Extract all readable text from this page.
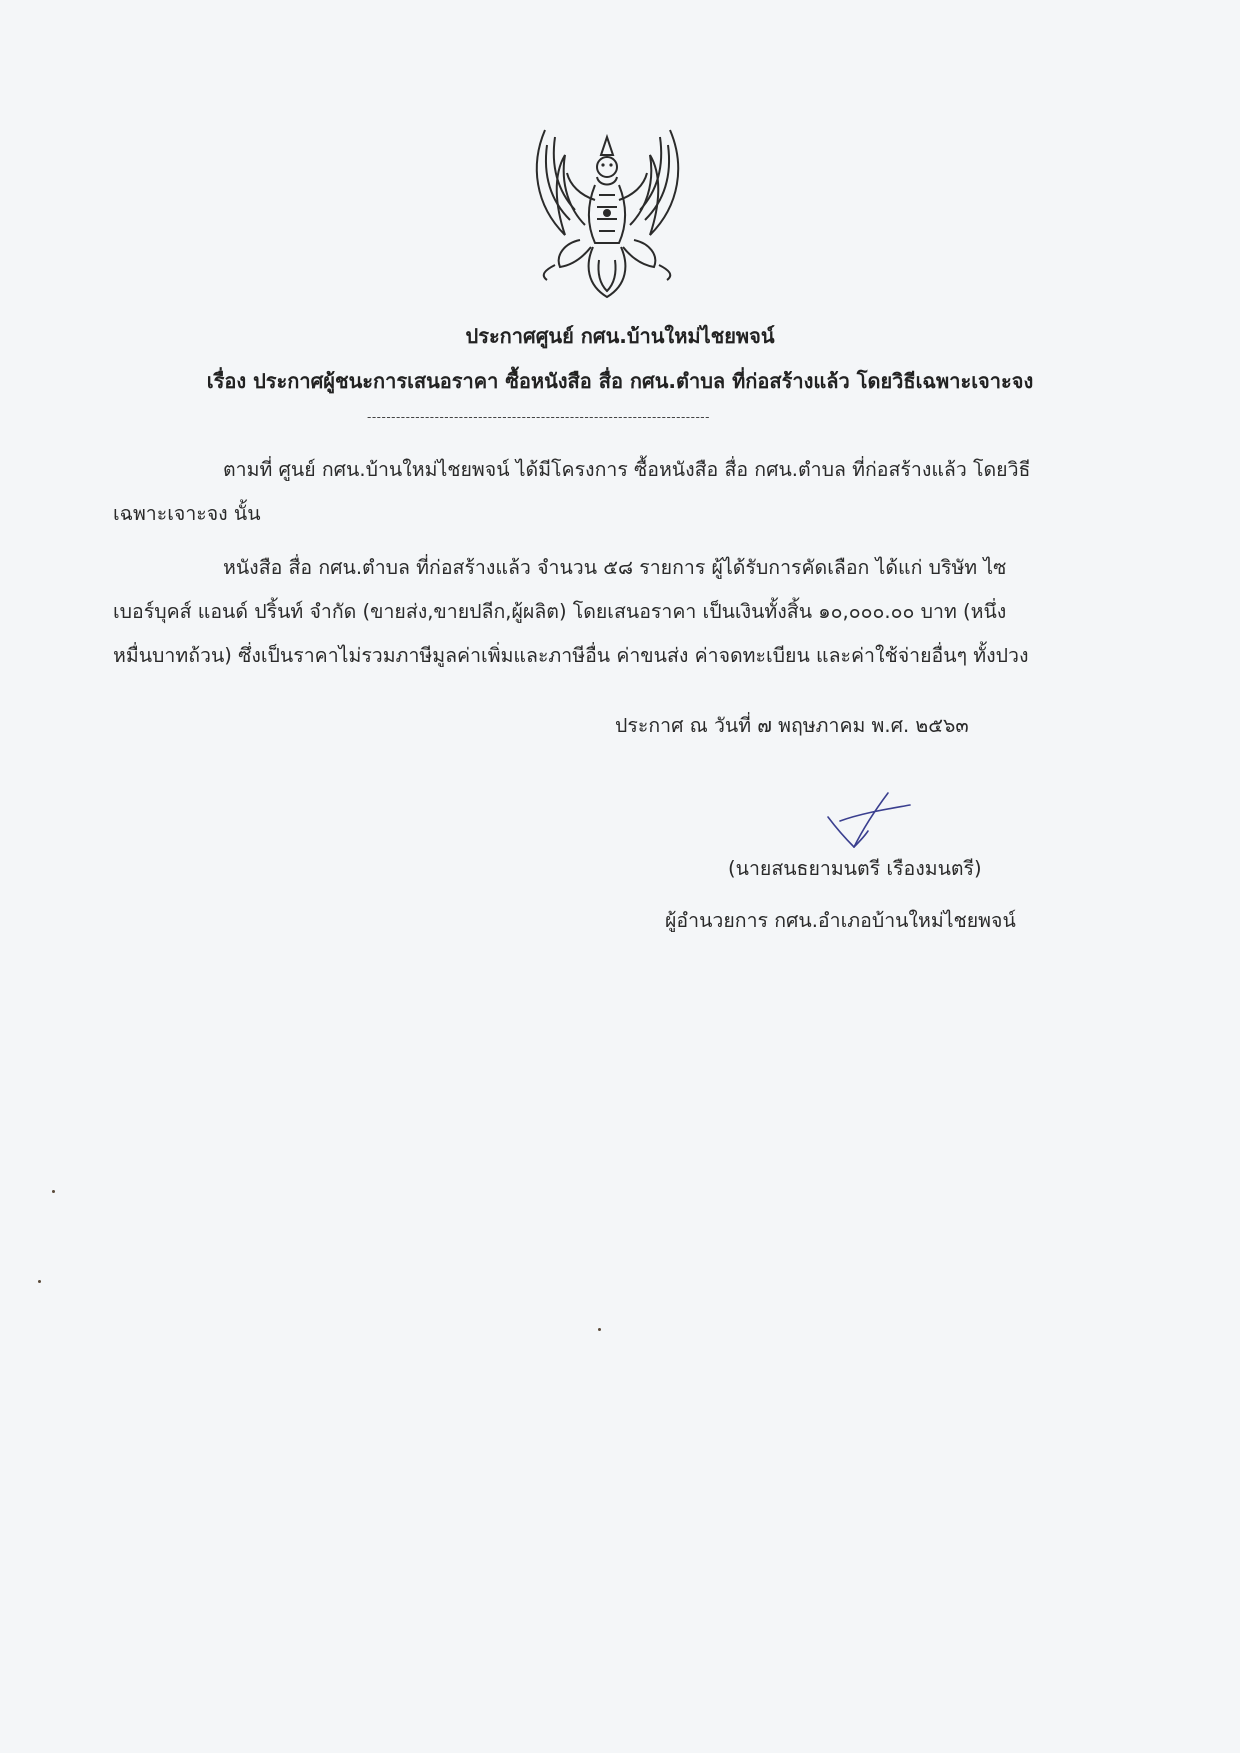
ประกาศศูนย์ กศน.บ้านใหม่ไชยพจน์
เรื่อง ประกาศผู้ชนะการเสนอราคา ซื้อหนังสือ สื่อ กศน.ตำบล ที่ก่อสร้างแล้ว โดยวิธีเฉพาะเจาะจง
-----------------------------------------------------------------------
ตามที่ ศูนย์ กศน.บ้านใหม่ไชยพจน์ ได้มีโครงการ ซื้อหนังสือ สื่อ กศน.ตำบล ที่ก่อสร้างแล้ว โดยวิธีเฉพาะเจาะจง นั้น
หนังสือ สื่อ กศน.ตำบล ที่ก่อสร้างแล้ว จำนวน ๕๘ รายการ ผู้ได้รับการคัดเลือก ได้แก่ บริษัท ไซเบอร์บุคส์ แอนด์ ปริ้นท์ จำกัด (ขายส่ง,ขายปลีก,ผู้ผลิต) โดยเสนอราคา เป็นเงินทั้งสิ้น ๑๐,๐๐๐.๐๐ บาท (หนึ่งหมื่นบาทถ้วน) ซึ่งเป็นราคาไม่รวมภาษีมูลค่าเพิ่มและภาษีอื่น ค่าขนส่ง ค่าจดทะเบียน และค่าใช้จ่ายอื่นๆ ทั้งปวง
ประกาศ ณ วันที่ ๗ พฤษภาคม พ.ศ. ๒๕๖๓
(นายสนธยามนตรี เรืองมนตรี)
ผู้อำนวยการ กศน.อำเภอบ้านใหม่ไชยพจน์
